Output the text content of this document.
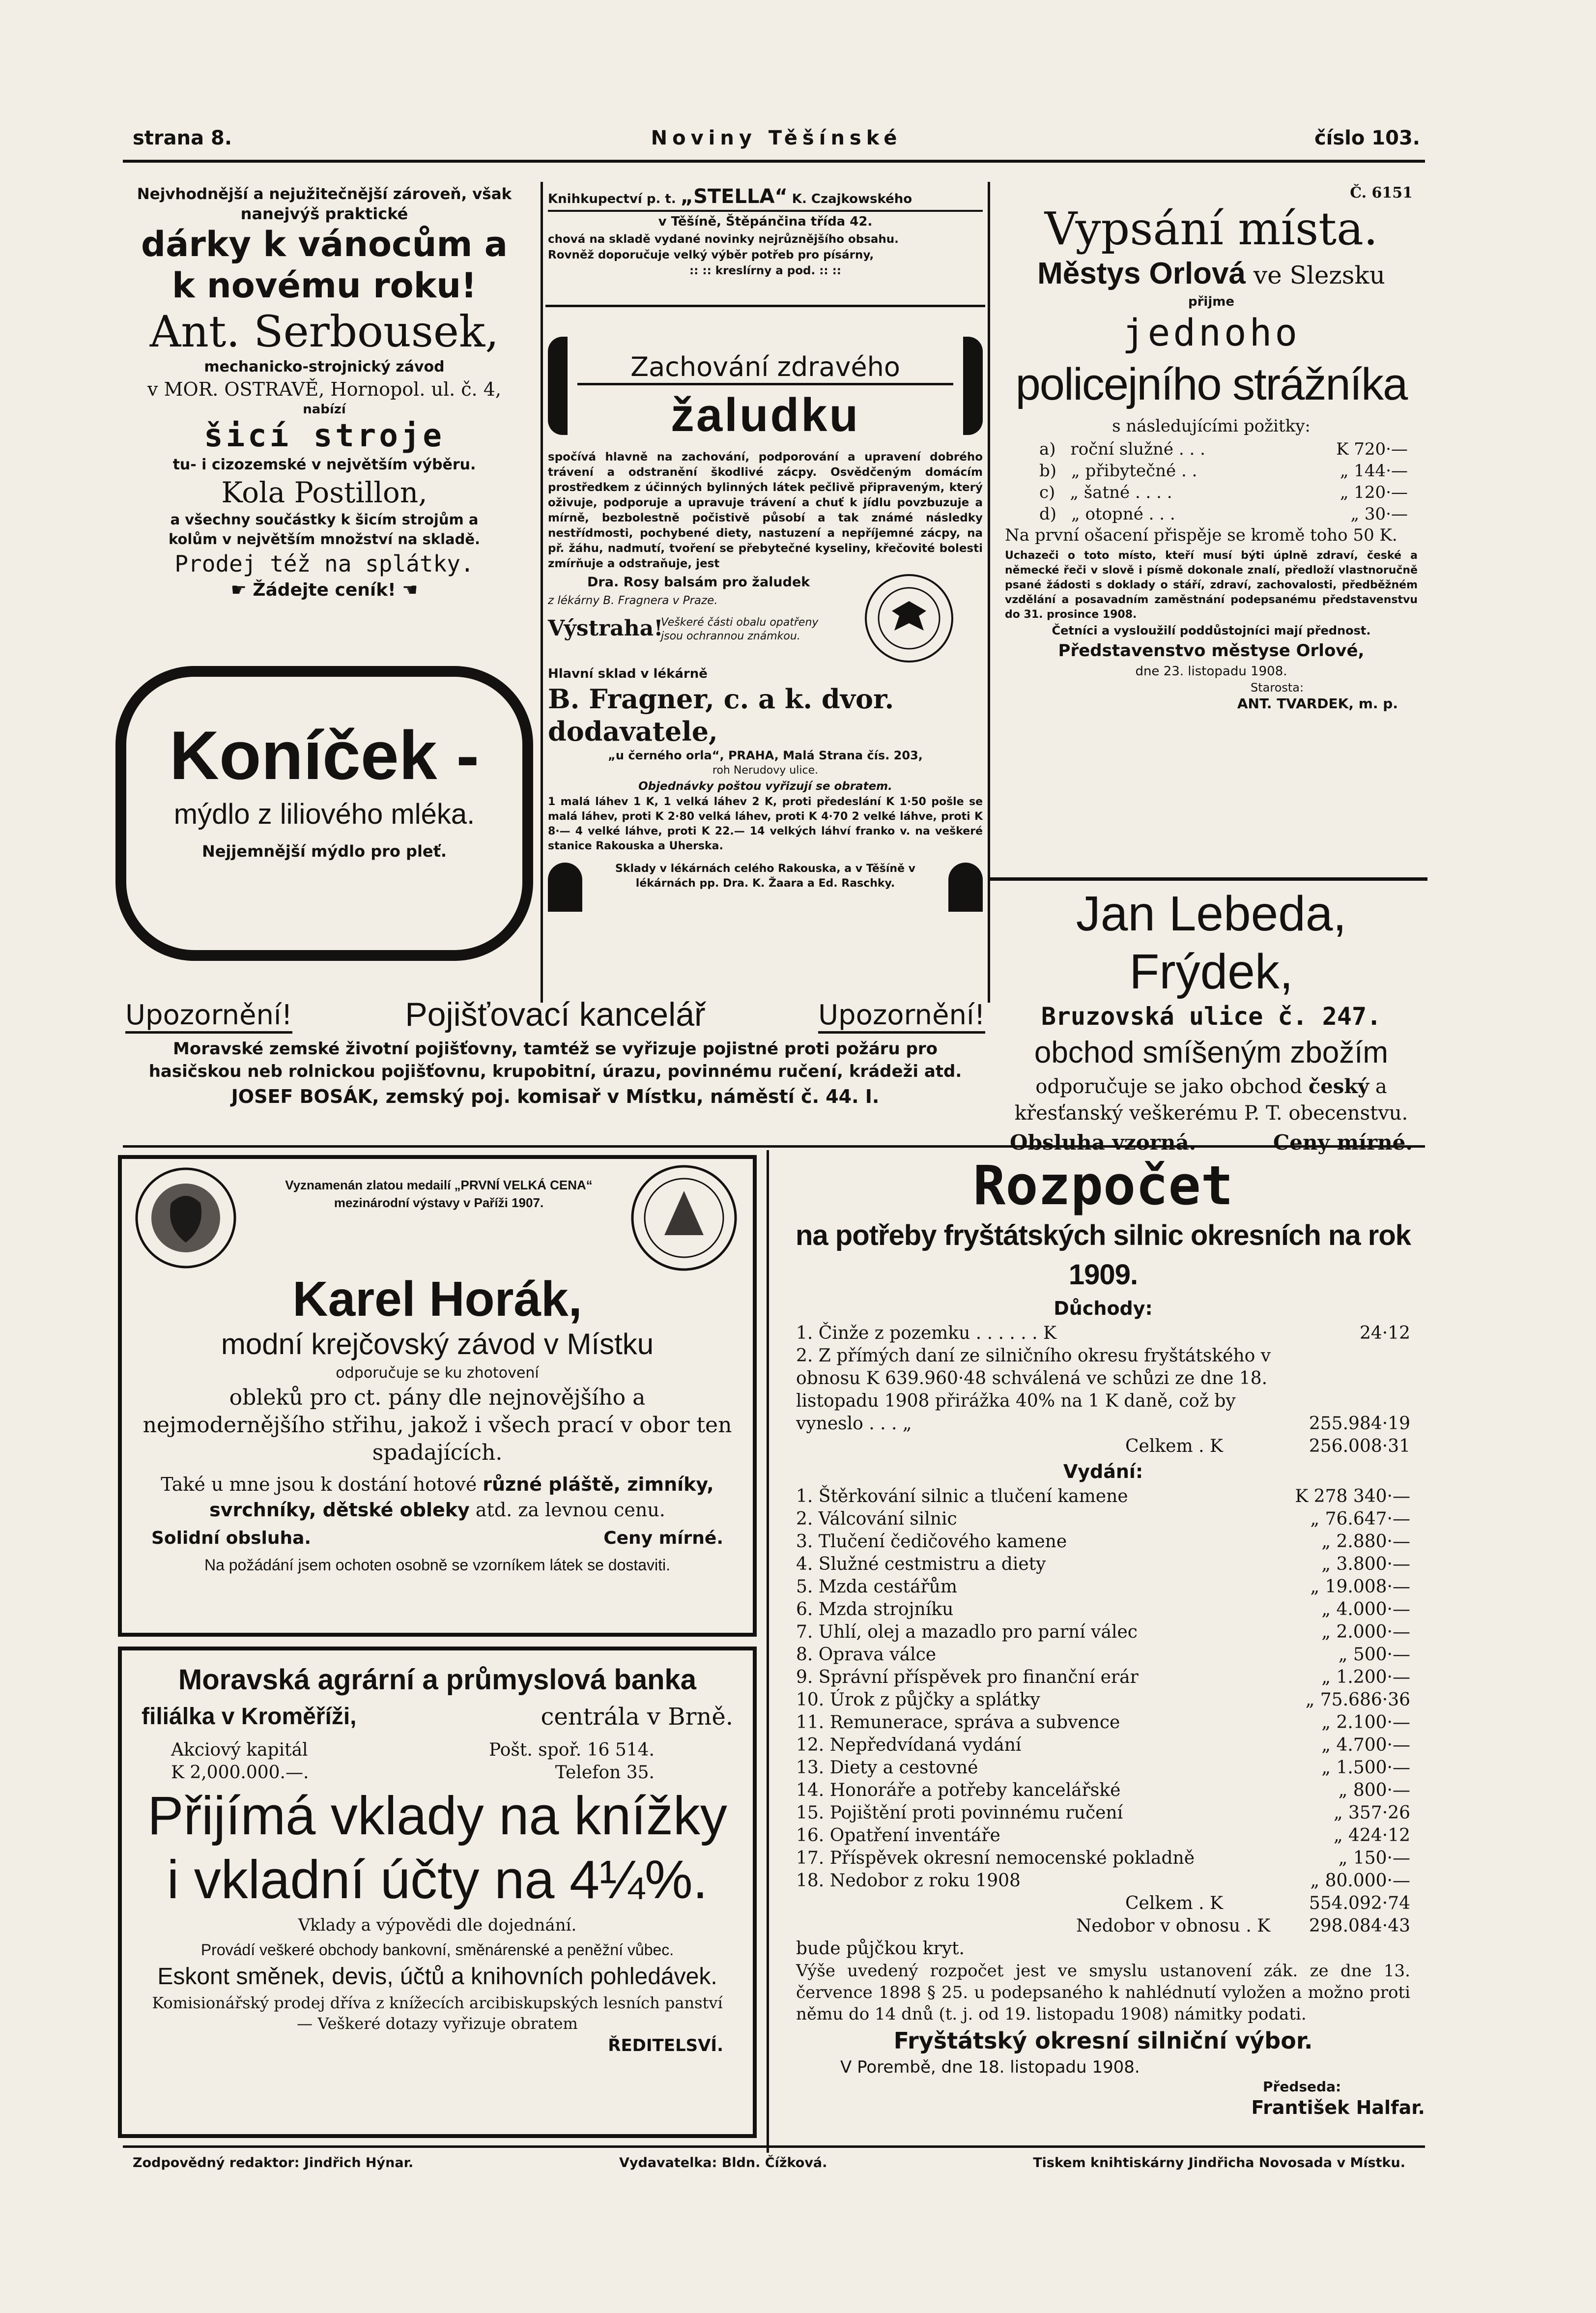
strana 8.	Noviny Těšínské	číslo 103.
Nejvhodnější a nejužitečnější zároveň, však
nanejvýš praktické
dárky k vánocům a
k novému roku!
Ant. Serbousek,
mechanicko-strojnický závod
v MOR. OSTRAVĚ, Hornopol. ul. č. 4,
nabízí
šicí stroje
tu- i cizozemské v největším výběru.
Kola Postillon,
a všechny součástky k šicím strojům a
kolům v největším množství na skladě.
Prodej též na splátky.
☛ Žádejte ceník! ☚
Koníček -
mýdlo z liliového mléka.
Nejjemnější mýdlo pro pleť.
Knihkupectví p. t. „STELLA“ K. Czajkowského
v Těšíně, Štěpánčina třída 42.
chová na skladě vydané novinky nejrůznějšího obsahu.
Rovněž doporučuje velký výběr potřeb pro písárny,
:: :: kreslírny a pod. :: ::
Zachování zdravého
žaludku
spočívá hlavně na zachování, podporování a upravení dobrého trávení a odstranění škodlivé zácpy. Osvědčeným domácím prostředkem z účinných bylinných látek pečlivě připraveným, který oživuje, podporuje a upravuje trávení a chuť k jídlu povzbuzuje a mírně, bezbolestně počistivě působí a tak známé následky nestřídmosti, pochybené diety, nastuzení a nepříjemné zácpy, na př. žáhu, nadmutí, tvoření se přebytečné kyseliny, křečovité bolesti zmírňuje a odstraňuje, jest
Dra. Rosy balsám pro žaludek
z lékárny B. Fragnera v Praze.
Výstraha!
Veškeré části obalu opatřeny jsou ochrannou známkou.
Hlavní sklad v lékárně
B. Fragner, c. a k. dvor. dodavatele,
„u černého orla“, PRAHA, Malá Strana čís. 203,
roh Nerudovy ulice.
Objednávky poštou vyřizují se obratem.
1 malá láhev 1 K, 1 velká láhev 2 K, proti předeslání K 1·50 pošle se malá láhev, proti K 2·80 velká láhev, proti K 4·70 2 velké láhve, proti K 8·— 4 velké láhve, proti K 22.— 14 velkých láhví franko v. na veškeré stanice Rakouska a Uherska.
Sklady v lékárnách celého Rakouska, a v Těšíně v lékárnách pp. Dra. K. Žaara a Ed. Raschky.
Č. 6151
Vypsání místa.
Městys Orlová ve Slezsku
přijme
jednoho
policejního strážníka
s následujícími požitky:
a) roční služné . . .	K 720·—
b) „ přibytečné . .	„ 144·—
c) „ šatné . . . .	„ 120·—
d) „ otopné . . .	„ 30·—
Na první ošacení přispěje se kromě toho 50 K.
Uchazeči o toto místo, kteří musí býti úplně zdraví, české a německé řeči v slově i písmě dokonale znalí, předloží vlastnoručně psané žádosti s doklady o stáří, zdraví, zachovalosti, předběžném vzdělání a posavadním zaměstnání podepsanému představenstvu do 31. prosince 1908.
Četníci a vysloužilí poddůstojníci mají přednost.
Představenstvo městyse Orlové,
dne 23. listopadu 1908.
Starosta:
ANT. TVARDEK, m. p.
Jan Lebeda, Frýdek,
Bruzovská ulice č. 247.
obchod smíšeným zbožím
odporučuje se jako obchod český a
křesťanský veškerému P. T. obecenstvu.
Obsluha vzorná.	Ceny mírné.
Upozornění!	Pojišťovací kancelář	Upozornění!
Moravské zemské životní pojišťovny, tamtéž se vyřizuje pojistné proti požáru pro hasičskou neb rolnickou pojišťovnu, krupobitní, úrazu, povinnému ručení, krádeži atd.
JOSEF BOSÁK, zemský poj. komisař v Místku, náměstí č. 44. I.
Vyznamenán zlatou medailí „PRVNÍ VELKÁ CENA“ mezinárodní výstavy v Paříži 1907.
Karel Horák,
modní krejčovský závod v Místku
odporučuje se ku zhotovení
obleků pro ct. pány dle nejnovějšího a nejmodernějšího střihu, jakož i všech prací v obor ten spadajících.
Také u mne jsou k dostání hotové různé pláště, zimníky, svrchníky, dětské obleky atd. za levnou cenu.
Solidní obsluha.	Ceny mírné.
Na požádání jsem ochoten osobně se vzorníkem látek se dostaviti.
Moravská agrární a průmyslová banka
filiálka v Kroměříži,	centrála v Brně.
Akciový kapitál	Pošt. spoř. 16 514.
K 2,000.000.—.	Telefon 35.
Přijímá vklady na knížky
i vkladní účty na 4¼%.
Vklady a výpovědi dle dojednání.
Provádí veškeré obchody bankovní, směnárenské a peněžní vůbec.
Eskont směnek, devis, účtů a knihovních pohledávek.
Komisionářský prodej dříva z knížecích arcibiskupských lesních panství — Veškeré dotazy vyřizuje obratem
ŘEDITELSVÍ.
Rozpočet
na potřeby fryštátských silnic okresních na rok 1909.
Důchody:
1. Činže z pozemku . . . . . . K	24·12
2. Z přímých daní ze silničního okresu fryštátského v obnosu K 639.960·48 schválená ve schůzi ze dne 18. listopadu 1908 přirážka 40% na 1 K daně, což by vyneslo . . . „	255.984·19
Celkem . K	256.008·31
Vydání:
1. Štěrkování silnic a tlučení kamene	K 278 340·—
2. Válcování silnic	„ 76.647·—
3. Tlučení čedičového kamene	„ 2.880·—
4. Služné cestmistru a diety	„ 3.800·—
5. Mzda cestářům	„ 19.008·—
6. Mzda strojníku	„ 4.000·—
7. Uhlí, olej a mazadlo pro parní válec	„ 2.000·—
8. Oprava válce	„ 500·—
9. Správní příspěvek pro finanční erár	„ 1.200·—
10. Úrok z půjčky a splátky	„ 75.686·36
11. Remunerace, správa a subvence	„ 2.100·—
12. Nepředvídaná vydání	„ 4.700·—
13. Diety a cestovné	„ 1.500·—
14. Honoráře a potřeby kancelářské	„ 800·—
15. Pojištění proti povinnému ručení	„ 357·26
16. Opatření inventáře	„ 424·12
17. Příspěvek okresní nemocenské pokladně	„ 150·—
18. Nedobor z roku 1908	„ 80.000·—
Celkem . K	554.092·74
Nedobor v obnosu . K 298.084·43
bude půjčkou kryt.
Výše uvedený rozpočet jest ve smyslu ustanovení zák. ze dne 13. července 1898 § 25. u podepsaného k nahlédnutí vyložen a možno proti němu do 14 dnů (t. j. od 19. listopadu 1908) námitky podati.
Fryštátský okresní silniční výbor.
V Porembě, dne 18. listopadu 1908.
Předseda:
František Halfar.
Zodpovědný redaktor: Jindřich Hýnar.	Vydavatelka: Bldn. Čížková.	Tiskem knihtiskárny Jindřicha Novosada v Místku.
